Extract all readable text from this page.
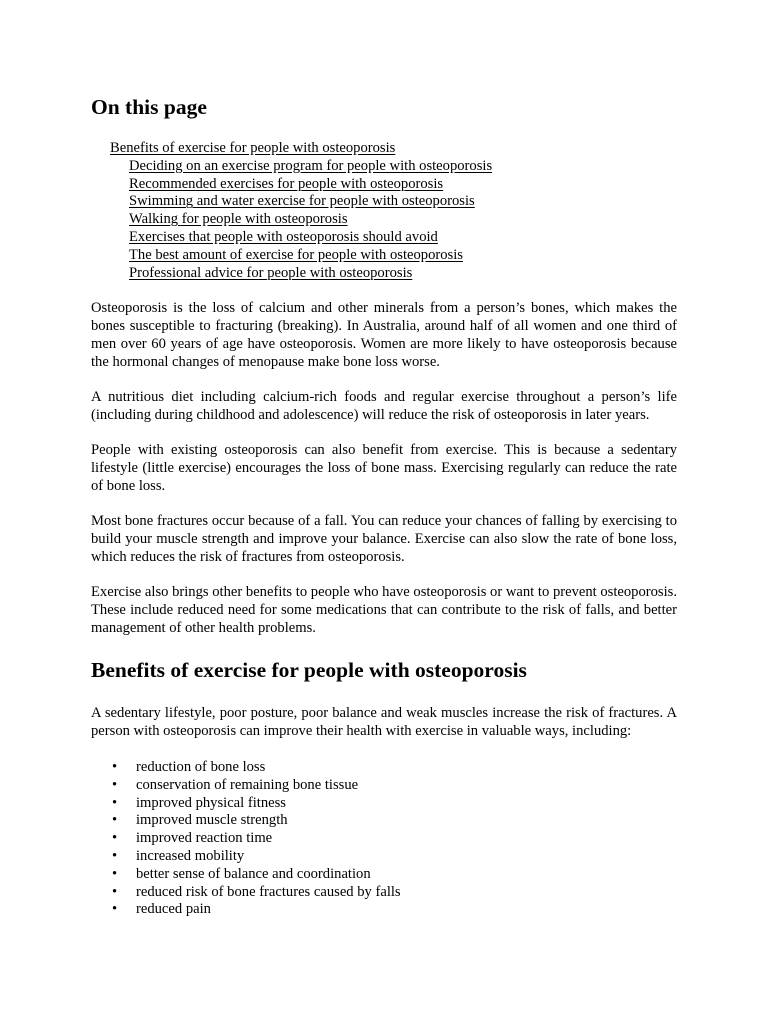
On this page
Benefits of exercise for people with osteoporosis
Deciding on an exercise program for people with osteoporosis
Recommended exercises for people with osteoporosis
Swimming and water exercise for people with osteoporosis
Walking for people with osteoporosis
Exercises that people with osteoporosis should avoid
The best amount of exercise for people with osteoporosis
Professional advice for people with osteoporosis

Osteoporosis is the loss of calcium and other minerals from a person’s bones, which makes the bones susceptible to fracturing (breaking). In Australia, around half of all women and one third of men over 60 years of age have osteoporosis. Women are more likely to have osteoporosis because the hormonal changes of menopause make bone loss worse.

A nutritious diet including calcium-rich foods and regular exercise throughout a person’s life (including during childhood and adolescence) will reduce the risk of osteoporosis in later years.

People with existing osteoporosis can also benefit from exercise. This is because a sedentary lifestyle (little exercise) encourages the loss of bone mass. Exercising regularly can reduce the rate of bone loss.

Most bone fractures occur because of a fall. You can reduce your chances of falling by exercising to build your muscle strength and improve your balance. Exercise can also slow the rate of bone loss, which reduces the risk of fractures from osteoporosis.

Exercise also brings other benefits to people who have osteoporosis or want to prevent osteoporosis. These include reduced need for some medications that can contribute to the risk of falls, and better management of other health problems.

Benefits of exercise for people with osteoporosis

A sedentary lifestyle, poor posture, poor balance and weak muscles increase the risk of fractures. A person with osteoporosis can improve their health with exercise in valuable ways, including:

• reduction of bone loss
• conservation of remaining bone tissue
• improved physical fitness
• improved muscle strength
• improved reaction time
• increased mobility
• better sense of balance and coordination
• reduced risk of bone fractures caused by falls
• reduced pain
